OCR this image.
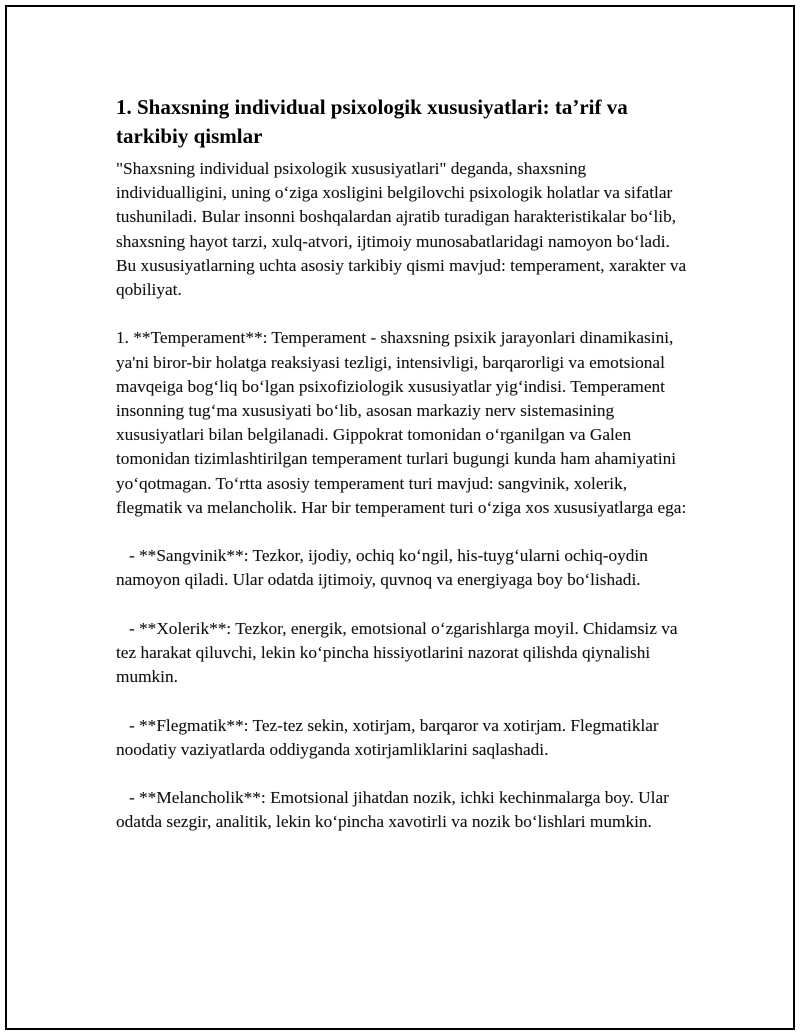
1. Shaxsning individual psixologik xususiyatlari: ta’rif va tarkibiy qismlar

"Shaxsning individual psixologik xususiyatlari" deganda, shaxsning individualligini, uning o‘ziga xosligini belgilovchi psixologik holatlar va sifatlar tushuniladi. Bular insonni boshqalardan ajratib turadigan harakteristikalar bo‘lib, shaxsning hayot tarzi, xulq-atvori, ijtimoiy munosabatlaridagi namoyon bo‘ladi. Bu xususiyatlarning uchta asosiy tarkibiy qismi mavjud: temperament, xarakter va qobiliyat.

1. **Temperament**: Temperament - shaxsning psixik jarayonlari dinamikasini, ya'ni biror-bir holatga reaksiyasi tezligi, intensivligi, barqarorligi va emotsional mavqeiga bog‘liq bo‘lgan psixofiziologik xususiyatlar yig‘indisi. Temperament insonning tug‘ma xususiyati bo‘lib, asosan markaziy nerv sistemasining xususiyatlari bilan belgilanadi. Gippokrat tomonidan o‘rganilgan va Galen tomonidan tizimlashtirilgan temperament turlari bugungi kunda ham ahamiyatini yo‘qotmagan. To‘rtta asosiy temperament turi mavjud: sangvinik, xolerik, flegmatik va melancholik. Har bir temperament turi o‘ziga xos xususiyatlarga ega:

- **Sangvinik**: Tezkor, ijodiy, ochiq ko‘ngil, his-tuyg‘ularni ochiq-oydin namoyon qiladi. Ular odatda ijtimoiy, quvnoq va energiyaga boy bo‘lishadi.

- **Xolerik**: Tezkor, energik, emotsional o‘zgarishlarga moyil. Chidamsiz va tez harakat qiluvchi, lekin ko‘pincha hissiyotlarini nazorat qilishda qiynalishi mumkin.

- **Flegmatik**: Tez-tez sekin, xotirjam, barqaror va xotirjam. Flegmatiklar noodatiy vaziyatlarda oddiyganda xotirjamliklarini saqlashadi.

- **Melancholik**: Emotsional jihatdan nozik, ichki kechinmalarga boy. Ular odatda sezgir, analitik, lekin ko‘pincha xavotirli va nozik bo‘lishlari mumkin.
